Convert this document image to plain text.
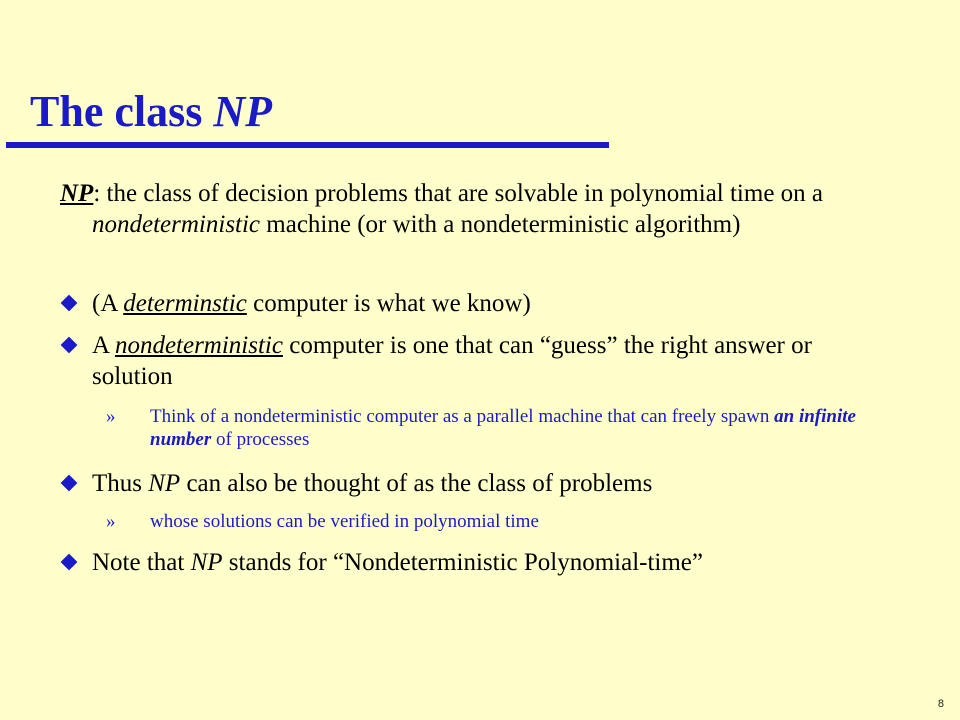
The class NP
NP: the class of decision problems that are solvable in polynomial time on a nondeterministic machine (or with a nondeterministic algorithm)
(A determinstic computer is what we know)
A nondeterministic computer is one that can “guess” the right answer or solution
» Think of a nondeterministic computer as a parallel machine that can freely spawn an infinite number of processes
Thus NP can also be thought of as the class of problems
» whose solutions can be verified in polynomial time
Note that NP stands for “Nondeterministic Polynomial-time”
8
